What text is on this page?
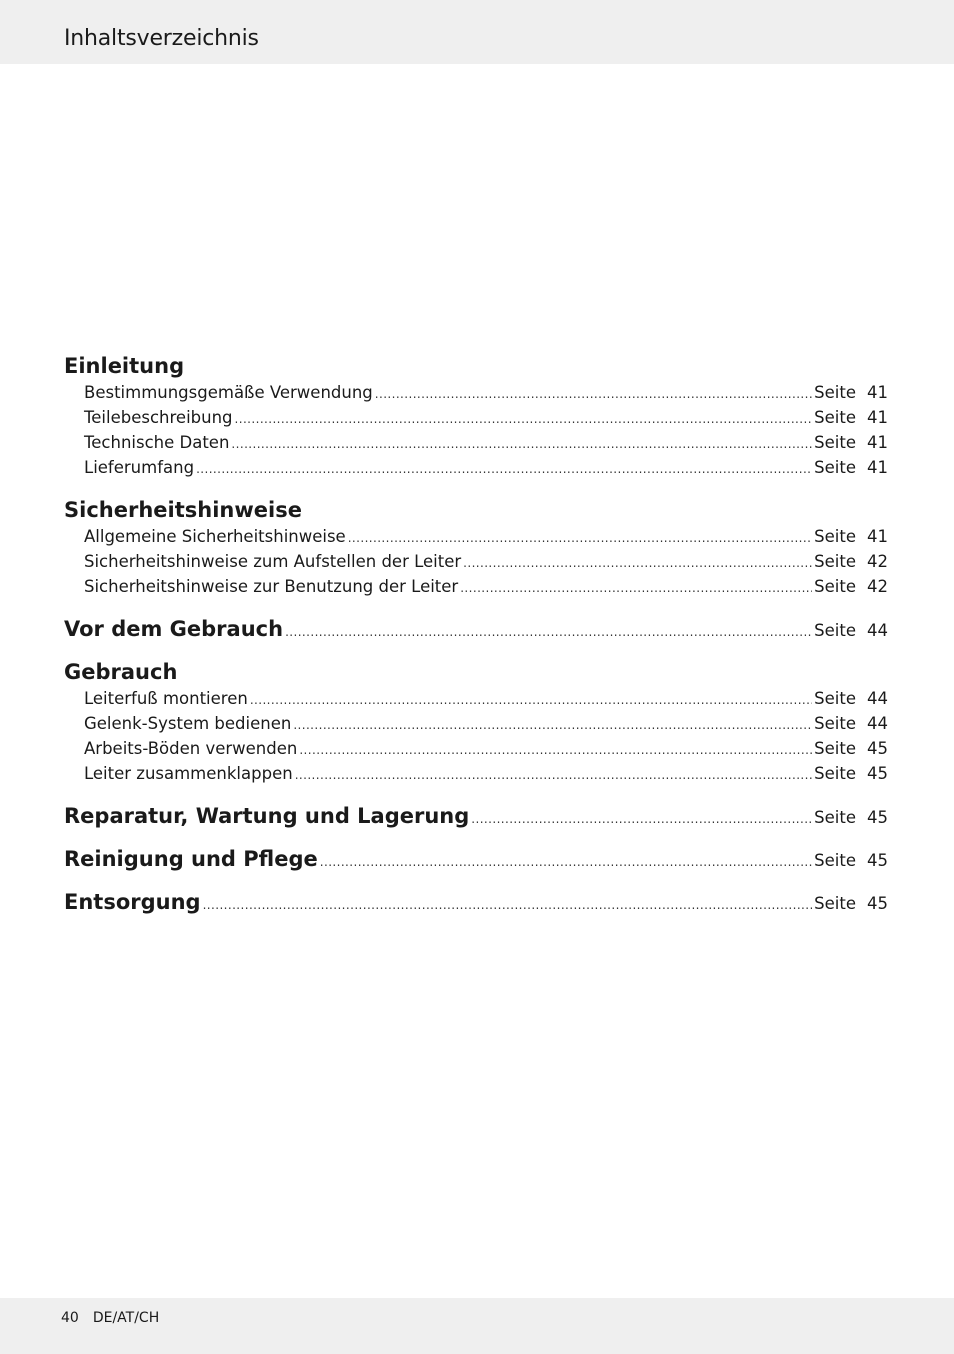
Inhaltsverzeichnis
Einleitung
Bestimmungsgemäße Verwendung .....	Seite 41
Teilebeschreibung .....	Seite 41
Technische Daten .....	Seite 41
Lieferumfang .....	Seite 41
Sicherheitshinweise
Allgemeine Sicherheitshinweise .....	Seite 41
Sicherheitshinweise zum Aufstellen der Leiter .....	Seite 42
Sicherheitshinweise zur Benutzung der Leiter .....	Seite 42
Vor dem Gebrauch .....	Seite 44
Gebrauch
Leiterfuß montieren .....	Seite 44
Gelenk-System bedienen .....	Seite 44
Arbeits-Böden verwenden .....	Seite 45
Leiter zusammenklappen .....	Seite 45
Reparatur, Wartung und Lagerung .....	Seite 45
Reinigung und Pflege .....	Seite 45
Entsorgung .....	Seite 45
40 DE/AT/CH
